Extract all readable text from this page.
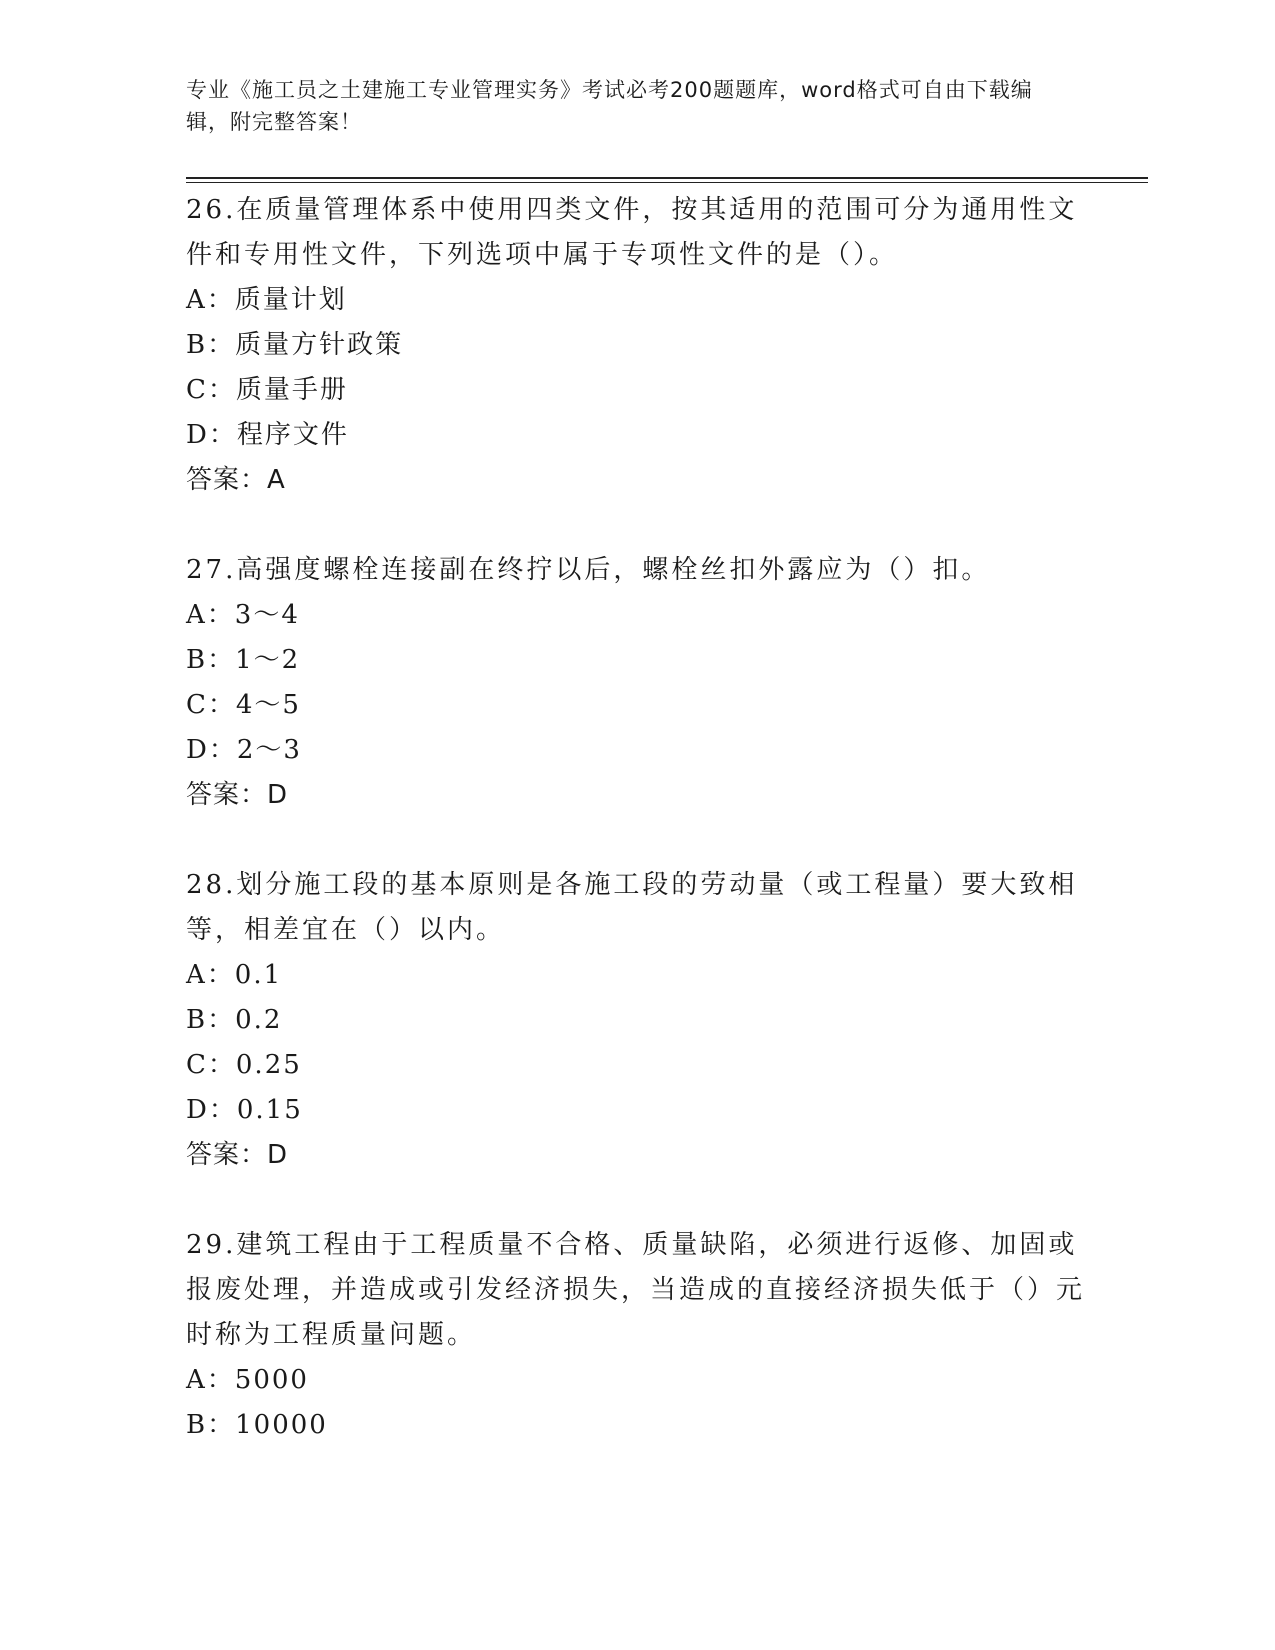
专业《施工员之土建施工专业管理实务》考试必考200题题库，word格式可自由下载编辑，附完整答案！
26.在质量管理体系中使用四类文件，按其适用的范围可分为通用性文件和专用性文件，下列选项中属于专项性文件的是（）。
A：质量计划
B：质量方针政策
C：质量手册
D：程序文件
答案：A
27.高强度螺栓连接副在终拧以后，螺栓丝扣外露应为（）扣。
A：3～4
B：1～2
C：4～5
D：2～3
答案：D
28.划分施工段的基本原则是各施工段的劳动量（或工程量）要大致相等，相差宜在（）以内。
A：0.1
B：0.2
C：0.25
D：0.15
答案：D
29.建筑工程由于工程质量不合格、质量缺陷，必须进行返修、加固或报废处理，并造成或引发经济损失，当造成的直接经济损失低于（）元时称为工程质量问题。
A：5000
B：10000
